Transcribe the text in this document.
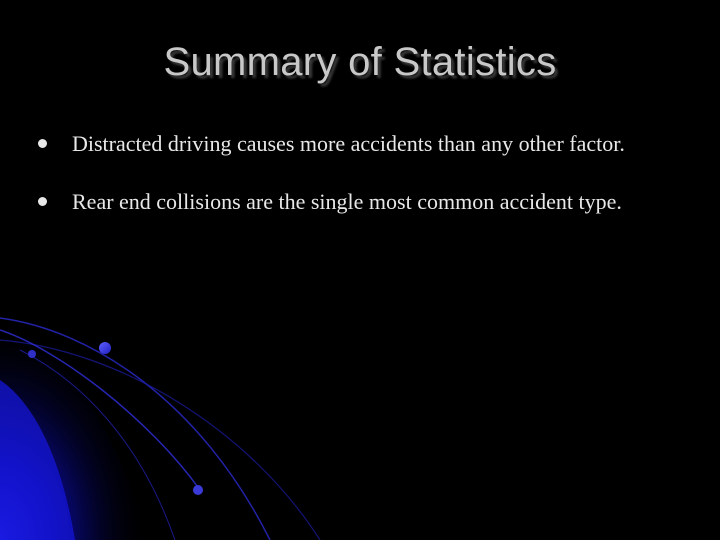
Summary of Statistics
Distracted driving causes more accidents than any other factor.
Rear end collisions are the single most common accident type.
